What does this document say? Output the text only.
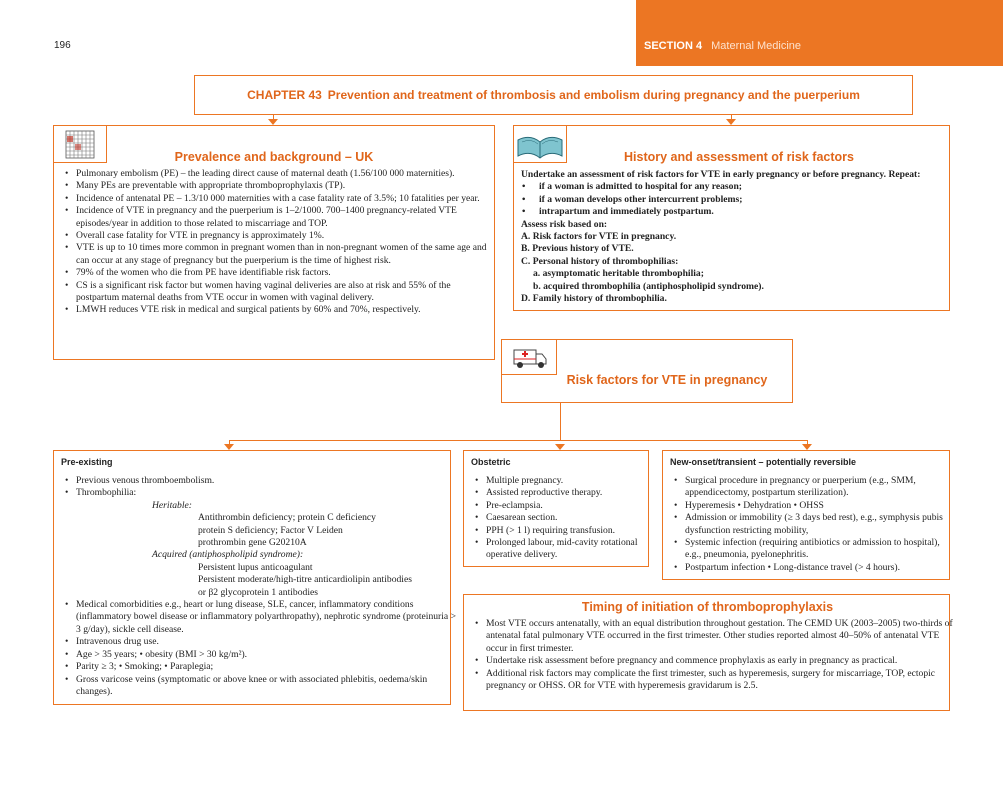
SECTION 4 Maternal Medicine
196
CHAPTER 43 Prevention and treatment of thrombosis and embolism during pregnancy and the puerperium
Prevalence and background – UK
• Pulmonary embolism (PE) – the leading direct cause of maternal death (1.56/100 000 maternities).
• Many PEs are preventable with appropriate thromboprophylaxis (TP).
• Incidence of antenatal PE – 1.3/10 000 maternities with a case fatality rate of 3.5%; 10 fatalities per year.
• Incidence of VTE in pregnancy and the puerperium is 1–2/1000. 700–1400 pregnancy-related VTE episodes/year in addition to those related to miscarriage and TOP.
• Overall case fatality for VTE in pregnancy is approximately 1%.
• VTE is up to 10 times more common in pregnant women than in non-pregnant women of the same age and can occur at any stage of pregnancy but the puerperium is the time of highest risk.
• 79% of the women who die from PE have identifiable risk factors.
• CS is a significant risk factor but women having vaginal deliveries are also at risk and 55% of the postpartum maternal deaths from VTE occur in women with vaginal delivery.
• LMWH reduces VTE risk in medical and surgical patients by 60% and 70%, respectively.
History and assessment of risk factors

Undertake an assessment of risk factors for VTE in early pregnancy or before pregnancy. Repeat:

• if a woman is admitted to hospital for any reason;
• if a woman develops other intercurrent problems;
• intrapartum and immediately postpartum.

Assess risk based on:

A. Risk factors for VTE in pregnancy.

B. Previous history of VTE.

C. Personal history of thrombophilias:

a. asymptomatic heritable thrombophilia;

b. acquired thrombophilia (antiphospholipid syndrome).

D. Family history of thrombophilia.

Risk factors for VTE in pregnancy
Pre-existing
• Previous venous thromboembolism.
• Thrombophilia:
Heritable:
Antithrombin deficiency; protein C deficiency
protein S deficiency; Factor V Leiden
prothrombin gene G20210A
Acquired (antiphospholipid syndrome):
Persistent lupus anticoagulant
Persistent moderate/high-titre anticardiolipin antibodies
or β2 glycoprotein 1 antibodies
• Medical comorbidities e.g., heart or lung disease, SLE, cancer, inflammatory conditions (inflammatory bowel disease or inflammatory polyarthropathy), nephrotic syndrome (proteinuria > 3 g/day), sickle cell disease.
• Intravenous drug use.
• Age > 35 years; • obesity (BMI > 30 kg/m²).
• Parity ≥ 3; • Smoking; • Paraplegia;
• Gross varicose veins (symptomatic or above knee or with associated phlebitis, oedema/skin changes).
Obstetric
• Multiple pregnancy.
• Assisted reproductive therapy.
• Pre-eclampsia.
• Caesarean section.
• PPH (> 1 l) requiring transfusion.
• Prolonged labour, mid-cavity rotational operative delivery.
New-onset/transient – potentially reversible
• Surgical procedure in pregnancy or puerperium (e.g., SMM, appendicectomy, postpartum sterilization).
• Hyperemesis • Dehydration • OHSS
• Admission or immobility (≥ 3 days bed rest), e.g., symphysis pubis dysfunction restricting mobility,
• Systemic infection (requiring antibiotics or admission to hospital), e.g., pneumonia, pyelonephritis.
• Postpartum infection • Long-distance travel (> 4 hours).
Timing of initiation of thromboprophylaxis
• Most VTE occurs antenatally, with an equal distribution throughout gestation. The CEMD UK (2003–2005) two-thirds of antenatal fatal pulmonary VTE occurred in the first trimester. Other studies reported almost 40–50% of antenatal VTE occur in first trimester.
• Undertake risk assessment before pregnancy and commence prophylaxis as early in pregnancy as practical.
• Additional risk factors may complicate the first trimester, such as hyperemesis, surgery for miscarriage, TOP, ectopic pregnancy or OHSS. OR for VTE with hyperemesis gravidarum is 2.5.
